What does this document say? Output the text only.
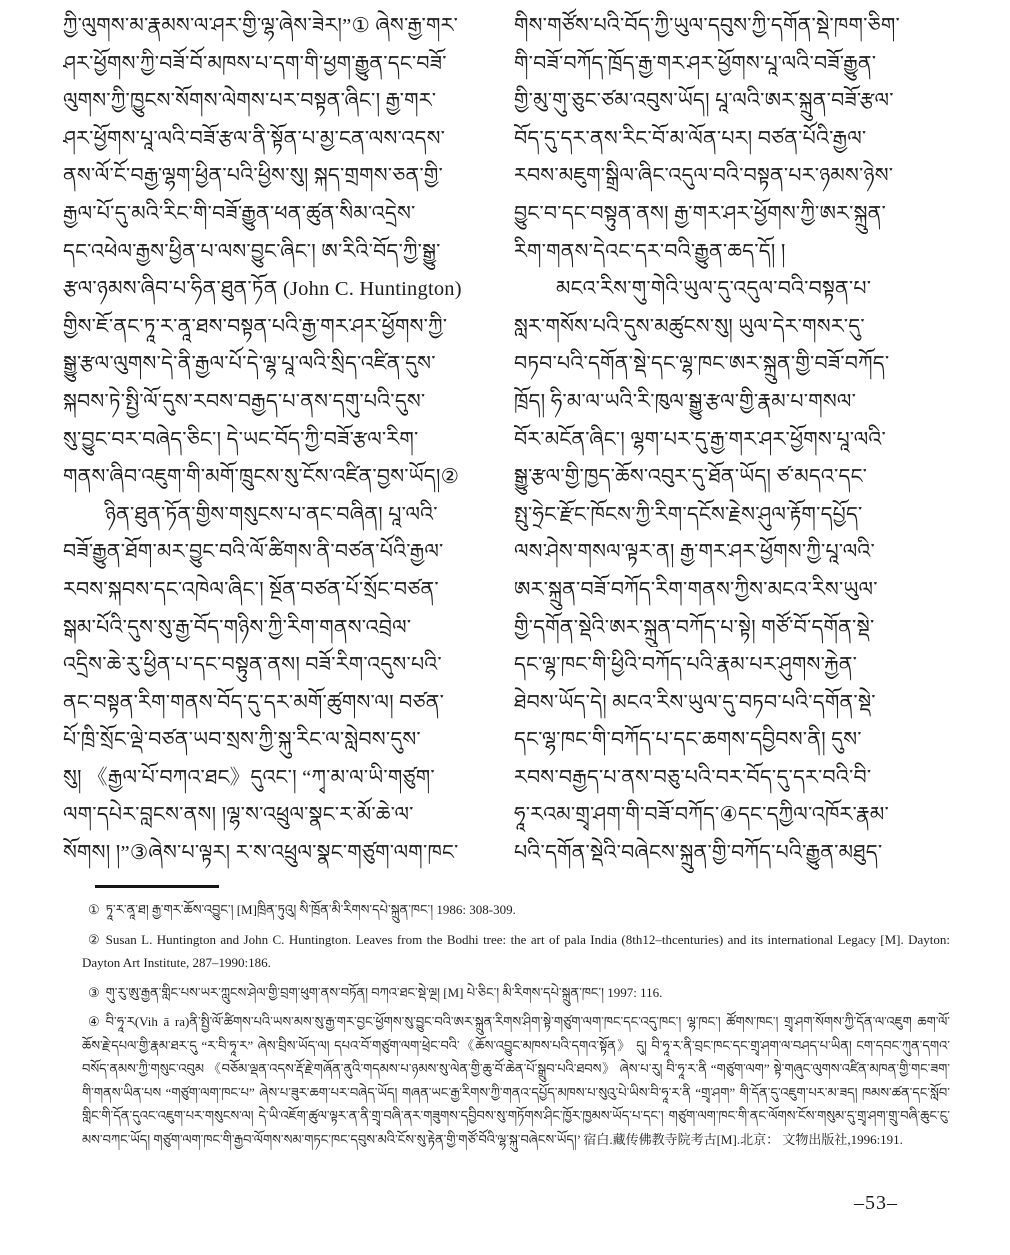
ཀྱི་ལུགས་མ་རྣམས་ལ་ཤར་གྱི་ལྷ་ཞེས་ཟེར།”① ཞེས་རྒྱ་གར་
ཤར་ཕྱོགས་ཀྱི་བཟོ་བོ་མཁས་པ་དག་གི་ཕྱག་རྒྱུན་དང་བཟོ་
ལུགས་ཀྱི་ཁྱུངས་སོགས་ལེགས་པར་བསྟན་ཞིང་། རྒྱ་གར་
ཤར་ཕྱོགས་པཱ་ལའི་བཟོ་རྩལ་ནི་སྟོན་པ་མྱ་ངན་ལས་འདས་
ནས་ལོ་ངོ་བརྒྱ་ལྷག་ཕྱིན་པའི་ཕྱིས་སུ། སྐད་གྲགས་ཅན་གྱི་
རྒྱལ་པོ་དུ་མའི་རིང་གི་བཟོ་རྒྱུན་ཕན་ཚུན་སིམ་འདྲེས་
དང་འཕེལ་རྒྱས་ཕྱིན་པ་ལས་བྱུང་ཞིང་། ཨ་རིའི་བོད་ཀྱི་སྒྱུ་
རྩལ་ཉམས་ཞིབ་པ་ཧིན་ཐུན་ཏོན (John C. Huntington)
གྱིས་ཇོ་ནང་ཏཱ་ར་ནཱ་ཐས་བསྟན་པའི་རྒྱ་གར་ཤར་ཕྱོགས་ཀྱི་
སྒྱུ་རྩལ་ལུགས་དེ་ནི་རྒྱལ་པོ་དེ་ལྷ་པཱ་ལའི་སྲིད་འཛིན་དུས་
སྐབས་ཏེ་སྤྱི་ལོ་དུས་རབས་བརྒྱད་པ་ནས་དགུ་པའི་དུས་
སུ་བྱུང་བར་བཞེད་ཅིང་། དེ་ཡང་བོད་ཀྱི་བཟོ་རྩལ་རིག་
གནས་ཞིབ་འཇུག་གི་མགོ་ཁྲུངས་སུ་ངོས་འཛིན་བྱས་ཡོད།②
ཉིན་ཐུན་ཏོན་གྱིས་གསུངས་པ་ནང་བཞིན། པཱ་ལའི་
བཟོ་རྒྱུན་ཐོག་མར་བྱུང་བའི་ལོ་ཚིགས་ནི་བཙན་པོའི་རྒྱལ་
རབས་སྐབས་དང་འཁེལ་ཞིང་། སྔོན་བཙན་པོ་སྲོང་བཙན་
སྒམ་པོའི་དུས་སུ་རྒྱ་བོད་གཉིས་ཀྱི་རིག་གནས་འབྲེལ་
འདྲིས་ཆེ་རུ་ཕྱིན་པ་དང་བསྟུན་ནས། བཟོ་རིག་འདུས་པའི་
ནང་བསྟན་རིག་གནས་བོད་དུ་དར་མགོ་ཚུགས་ལ། བཙན་
པོ་ཁྲི་སྲོང་ལྡེ་བཙན་ཡབ་སྲས་ཀྱི་སྐུ་རིང་ལ་སླེབས་དུས་
སུ། 《རྒྱལ་པོ་བཀའ་ཐང》དུའང་། “ཀྭ་མ་ལ་ཡི་གཙུག་
ལག་དཔེར་བླངས་ནས། །ལྷ་ས་འཕྲུལ་སྣང་ར་མོ་ཆེ་ལ་
སོགས། །”③ཞེས་པ་ལྟར། ར་ས་འཕྲུལ་སྣང་གཙུག་ལག་ཁང་
གིས་གཙོས་པའི་བོད་ཀྱི་ཡུལ་དབུས་ཀྱི་དགོན་སྡེ་ཁག་ཅིག་
གི་བཟོ་བཀོད་ཁྲོད་རྒྱ་གར་ཤར་ཕྱོགས་པཱ་ལའི་བཟོ་རྒྱུན་
གྱི་མུ་གུ་ཅུང་ཙམ་འབུས་ཡོད། པཱ་ལའི་ཨར་སྐྲུན་བཟོ་རྩལ་
བོད་དུ་དར་ནས་རིང་བོ་མ་ལོན་པར། བཙན་པོའི་རྒྱལ་
རབས་མཇུག་སྒྲིལ་ཞིང་འདུལ་བའི་བསྟན་པར་ཉམས་ཉེས་
བྱུང་བ་དང་བསྟུན་ནས། རྒྱ་གར་ཤར་ཕྱོགས་ཀྱི་ཨར་སྐྲུན་
རིག་གནས་དེའང་དར་བའི་རྒྱུན་ཆད་དོ། །
མངའ་རིས་གུ་གེའི་ཡུལ་དུ་འདུལ་བའི་བསྟན་པ་
སླར་གསོས་པའི་དུས་མཚུངས་སུ། ཡུལ་དེར་གསར་དུ་
བཏབ་པའི་དགོན་སྡེ་དང་ལྷ་ཁང་ཨར་སྐྲུན་གྱི་བཟོ་བཀོད་
ཁྲོད། ཧི་མ་ལ་ཡའི་རི་ཁུལ་སྒྱུ་རྩལ་གྱི་རྣམ་པ་གསལ་
བོར་མངོན་ཞིང་། ལྷག་པར་དུ་རྒྱ་གར་ཤར་ཕྱོགས་པཱ་ལའི་
སྒྱུ་རྩལ་གྱི་ཁྱད་ཆོས་འབུར་དུ་ཐོན་ཡོད། ཙ་མདའ་དང་
སྤུ་ཧྲེང་རྫོང་ཁོངས་ཀྱི་རིག་དངོས་རྗེས་ཤུལ་རྟོག་དཔྱོད་
ལས་ཤེས་གསལ་ལྟར་ན། རྒྱ་གར་ཤར་ཕྱོགས་ཀྱི་པཱ་ལའི་
ཨར་སྐྲུན་བཟོ་བཀོད་རིག་གནས་ཀྱིས་མངའ་རིས་ཡུལ་
གྱི་དགོན་སྡེའི་ཨར་སྐྲུན་བཀོད་པ་སྟེ། གཙོ་བོ་དགོན་སྡེ་
དང་ལྷ་ཁང་གི་ཕྱིའི་བཀོད་པའི་རྣམ་པར་ཤུགས་རྐྱེན་
ཐེབས་ཡོད་དེ། མངའ་རིས་ཡུལ་དུ་བཏབ་པའི་དགོན་སྡེ་
དང་ལྷ་ཁང་གི་བཀོད་པ་དང་ཆགས་དབྱིབས་ནི། དུས་
རབས་བརྒྱད་པ་ནས་བཅུ་པའི་བར་བོད་དུ་དར་བའི་བི་
ཧཱ་རའམ་གྲྭ་ཤག་གི་བཟོ་བཀོད་④དང་དཀྱིལ་འཁོར་རྣམ་
པའི་དགོན་སྡེའི་བཞེངས་སྐྲུན་གྱི་བཀོད་པའི་རྒྱུན་མཐུད་
① ཏཱ་ར་ནཱ་ཐ། རྒྱ་གར་ཆོས་འབྱུང་། [M]ཁྲིན་ཏུའུ། སི་ཁྲོན་མི་རིགས་དཔེ་སྐྲུན་ཁང་། 1986: 308-309.
② Susan L. Huntington and John C. Huntington. Leaves from the Bodhi tree: the art of pala India (8th12–thcenturies) and its international Legacy [M]. Dayton: Dayton Art Institute, 287–1990:186.
③ གུ་རུ་ཨུ་རྒྱན་གླིང་པས་ཡར་ཀླུངས་ཤེལ་གྱི་བྲག་ཕུག་ནས་བཏོན། བཀའ་ཐང་སྡེ་ལྔ། [M] པེ་ཅིང་། མི་རིགས་དཔེ་སྐྲུན་ཁང་། 1997: 116.
④ བི་ཧཱ་ར(Vih ā ra)ནི་སྤྱི་ལོ་ཚིགས་པའི་ཡས་མས་སུ་རྒྱ་གར་བྱང་ཕྱོགས་སུ་བྱུང་བའི་ཨར་སྐྲུན་རིགས་ཤིག་སྟེ་གཙུག་ལག་ཁང་དང་འདུ་ཁང་། ལྷ་ཁང་། ཚོགས་ཁང་། གྲྭ་ཤག་སོགས་ཀྱི་དོན་ལ་འཇུག ཆག་ལོ་ཆོས་རྗེ་དཔལ་གྱི་རྣམ་ཐར་དུ “ར་བི་ཧཱ་ར” ཞེས་བྲིས་ཡོད་ལ། དཔའ་བོ་གཙུག་ལག་ཕྲེང་བའི་《ཆོས་འབྱུང་མཁས་པའི་དགའ་སྟོན》 དུ། བི་ཧཱ་ར་ནི་བྲང་ཁང་དང་གྲྭ་ཤག་ལ་བཤད་པ་ཡིན། ངག་དབང་ཀུན་དགའ་བསོད་ནམས་ཀྱི་གསུང་འབུམ 《བཅོམ་ལྡན་འདས་རྡོ་རྗེ་གཞོན་ནུའི་གདམས་པ་ཉམས་སུ་ལེན་གྱི་ཆུ་བོ་ཆེན་པོ་སྒྲུབ་པའི་ཐབས》 ཞེས་པ་རུ། བི་ཧཱ་ར་ནི “གཙུག་ལག” སྟེ་གཞུང་ལུགས་འཛིན་མཁན་གྱི་གང་ཟག་གི་གནས་ཡིན་པས “གཙུག་ལག་ཁང་པ” ཞེས་པ་ཟུར་ཆག་པར་བཞེད་ཡོད། གཞན་ཡང་རྒྱ་རིགས་ཀྱི་གནའ་དཔྱོད་མཁས་པ་སུའུ་པེ་ཡིས་བི་ཧཱ་ར་ནི “གྲྭ་ཤག” གི་དོན་དུ་འཇུག་པར་མ་ཟད། ཁམས་ཚན་དང་སློབ་གླིང་གི་དོན་དུའང་འཇུག་པར་གསུངས་ལ། དེ་ཡི་འཇོག་ཚུལ་ལྟར་ན་ནི་གྲྭ་བཞི་ནར་གཟུགས་དབྱིབས་སུ་གཏོགས་ཤིང་ཁྱོར་ཁྱམས་ཡོད་པ་དང་། གཙུག་ལག་ཁང་གི་ནང་ལོགས་ངོས་གསུམ་དུ་གྲྭ་ཤག་གྲུ་བཞི་ཆུང་ངུ་མས་བཀང་ཡོད། གཙུག་ལག་ཁང་གི་རྒྱབ་ལོགས་སམ་གཏང་ཁང་དབུས་མའི་ངོས་སུ་རྟེན་གྱི་གཙོ་བོའི་ལྷ་སྐུ་བཞེངས་ཡོད།’ 宿白.藏传佛教寺院考古[M].北京： 文物出版社,1996:191.
–53–
